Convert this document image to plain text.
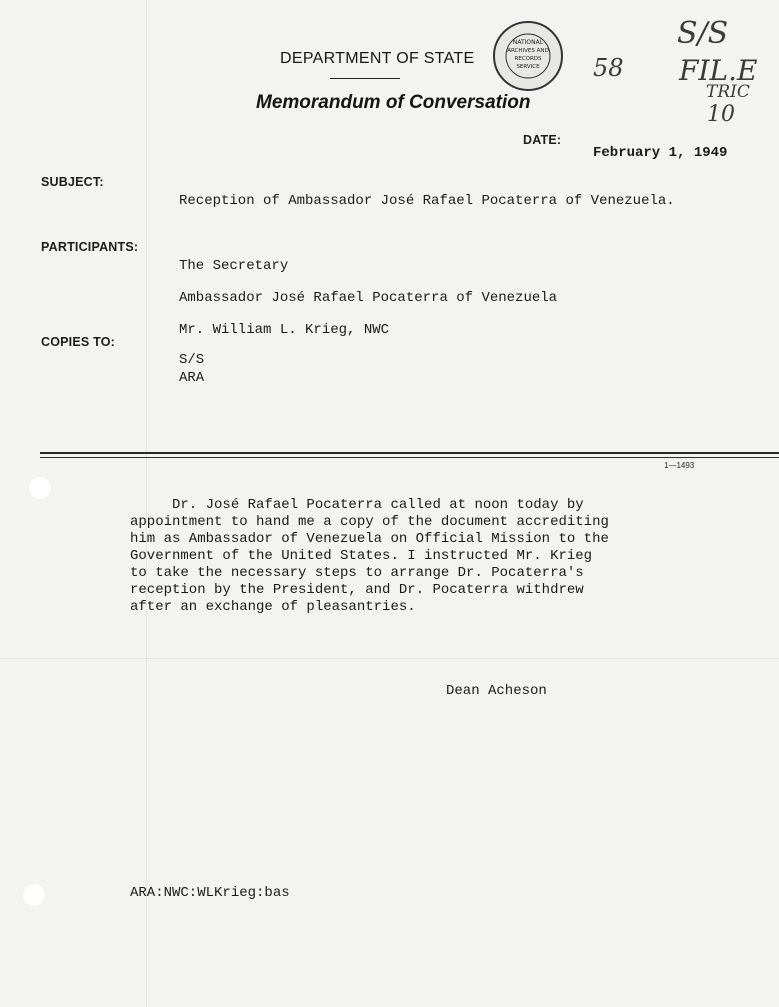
DEPARTMENT OF STATE
Memorandum of Conversation
NATIONAL
ARCHIVES AND
RECORDS
SERVICE 58
S/S
FIL.E
TRIC
10
DATE:
February 1, 1949
SUBJECT:
Reception of Ambassador José Rafael Pocaterra of Venezuela.
PARTICIPANTS:
The Secretary
Ambassador José Rafael Pocaterra of Venezuela
Mr. William L. Krieg, NWC
COPIES TO:
S/S
ARA
1—1493
Dr. José Rafael Pocaterra called at noon today by
appointment to hand me a copy of the document accrediting
him as Ambassador of Venezuela on Official Mission to the
Government of the United States. I instructed Mr. Krieg
to take the necessary steps to arrange Dr. Pocaterra's
reception by the President, and Dr. Pocaterra withdrew
after an exchange of pleasantries.
Dean Acheson
ARA:NWC:WLKrieg:bas
